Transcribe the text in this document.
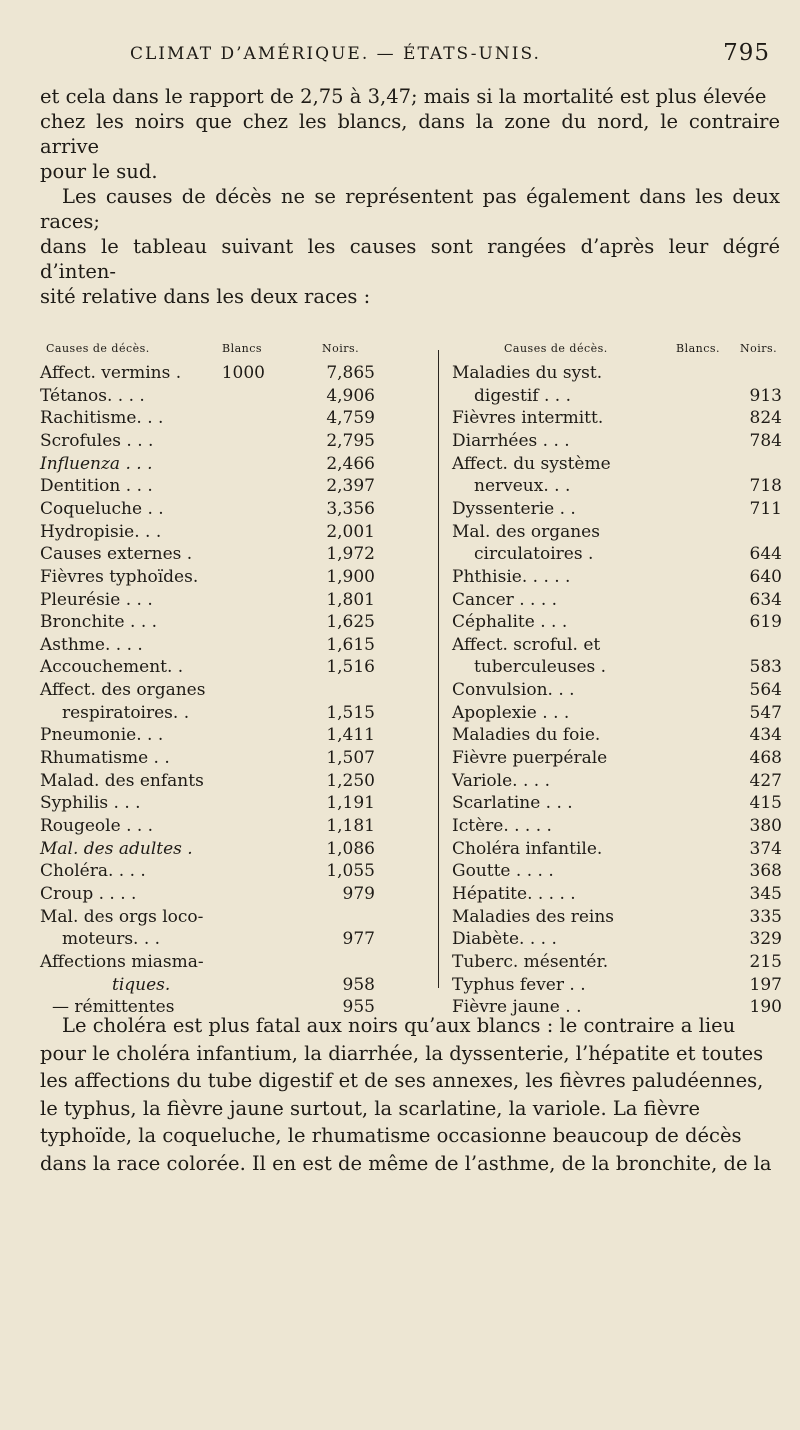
CLIMAT D’AMÉRIQUE. — ÉTATS-UNIS.	795
et cela dans le rapport de 2,75 à 3,47; mais si la mortalité est plus élevée
chez les noirs que chez les blancs, dans la zone du nord, le contraire arrive
pour le sud.
Les causes de décès ne se représentent pas également dans les deux races;
dans le tableau suivant les causes sont rangées d’après leur dégré d’inten-
sité relative dans les deux races :
Causes de décès.	Blancs	Noirs.
Affect. vermins . 1000	7,865
Tétanos. . . .	4,906
Rachitisme. . .	4,759
Scrofules . . .	2,795
Influenza . . .	2,466
Dentition . . .	2,397
Coqueluche . .	3,356
Hydropisie. . .	2,001
Causes externes .	1,972
Fièvres typhoïdes.	1,900
Pleurésie . . .	1,801
Bronchite . . .	1,625
Asthme. . . .	1,615
Accouchement. .	1,516
Affect. des organes
respiratoires. .	1,515
Pneumonie. . .	1,411
Rhumatisme . .	1,507
Malad. des enfants	1,250
Syphilis . . .	1,191
Rougeole . . .	1,181
Mal. des adultes .	1,086
Choléra. . . .	1,055
Croup . . . .	979
Mal. des orgs loco-
moteurs. . .	977
Affections miasma-
tiques.	958
— rémittentes	955
Causes de décès.	Blancs. Noirs.
Maladies du syst.
digestif . . .	913
Fièvres intermitt.	824
Diarrhées . . .	784
Affect. du système
nerveux. . .	718
Dyssenterie . .	711
Mal. des organes
circulatoires .	644
Phthisie. . . . .	640
Cancer . . . .	634
Céphalite . . .	619
Affect. scroful. et
tuberculeuses .	583
Convulsion. . .	564
Apoplexie . . .	547
Maladies du foie.	434
Fièvre puerpérale	468
Variole. . . .	427
Scarlatine . . .	415
Ictère. . . . .	380
Choléra infantile.	374
Goutte . . . .	368
Hépatite. . . . .	345
Maladies des reins	335
Diabète. . . .	329
Tuberc. mésentér.	215
Typhus fever . .	197
Fièvre jaune . .	190
Le choléra est plus fatal aux noirs qu’aux blancs : le contraire a lieu
pour le choléra infantium, la diarrhée, la dyssenterie, l’hépatite et toutes
les affections du tube digestif et de ses annexes, les fièvres paludéennes,
le typhus, la fièvre jaune surtout, la scarlatine, la variole. La fièvre
typhoïde, la coqueluche, le rhumatisme occasionne beaucoup de décès
dans la race colorée. Il en est de même de l’asthme, de la bronchite, de la
